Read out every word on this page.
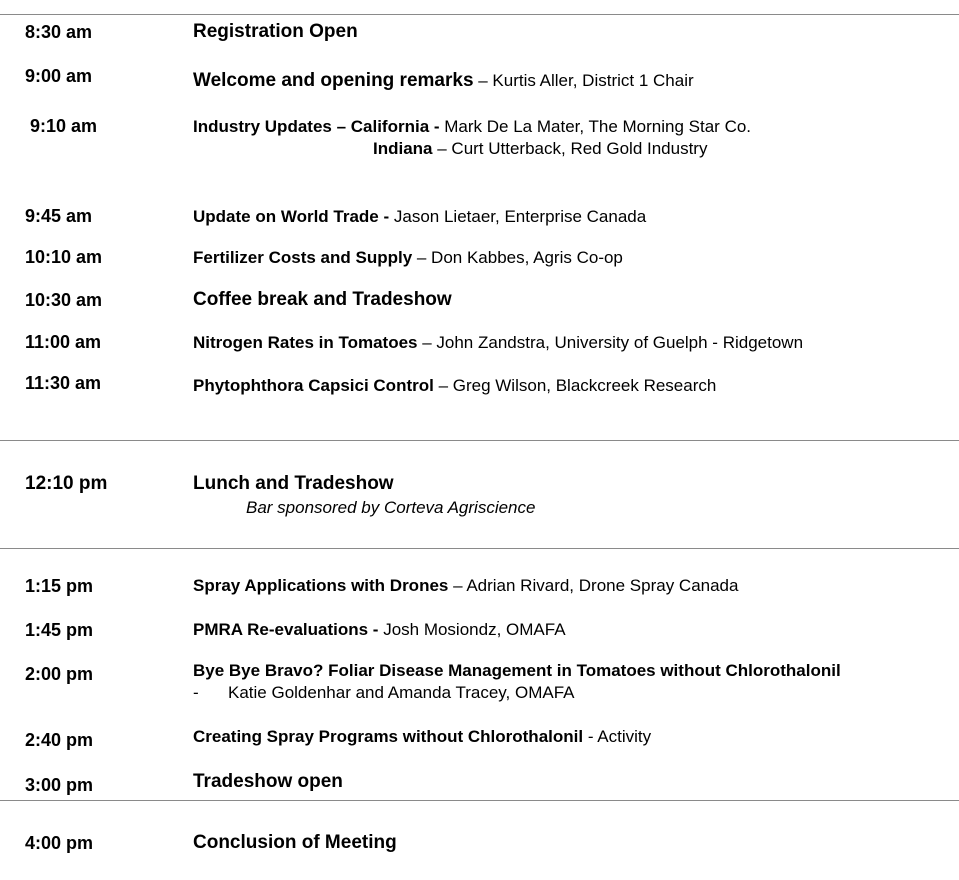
8:30 am	Registration Open
9:00 am	Welcome and opening remarks – Kurtis Aller, District 1 Chair
9:10 am	Industry Updates – California - Mark De La Mater, The Morning Star Co.
Indiana – Curt Utterback, Red Gold Industry
9:45 am	Update on World Trade - Jason Lietaer, Enterprise Canada
10:10 am	Fertilizer Costs and Supply – Don Kabbes, Agris Co-op
10:30 am	Coffee break and Tradeshow
11:00 am	Nitrogen Rates in Tomatoes – John Zandstra, University of Guelph - Ridgetown
11:30 am	Phytophthora Capsici Control – Greg Wilson, Blackcreek Research
12:10 pm	Lunch and Tradeshow
Bar sponsored by Corteva Agriscience
1:15 pm	Spray Applications with Drones – Adrian Rivard, Drone Spray Canada
1:45 pm	PMRA Re-evaluations - Josh Mosiondz, OMAFA
2:00 pm	Bye Bye Bravo? Foliar Disease Management in Tomatoes without Chlorothalonil
- Katie Goldenhar and Amanda Tracey, OMAFA
2:40 pm	Creating Spray Programs without Chlorothalonil - Activity
3:00 pm	Tradeshow open
4:00 pm	Conclusion of Meeting
